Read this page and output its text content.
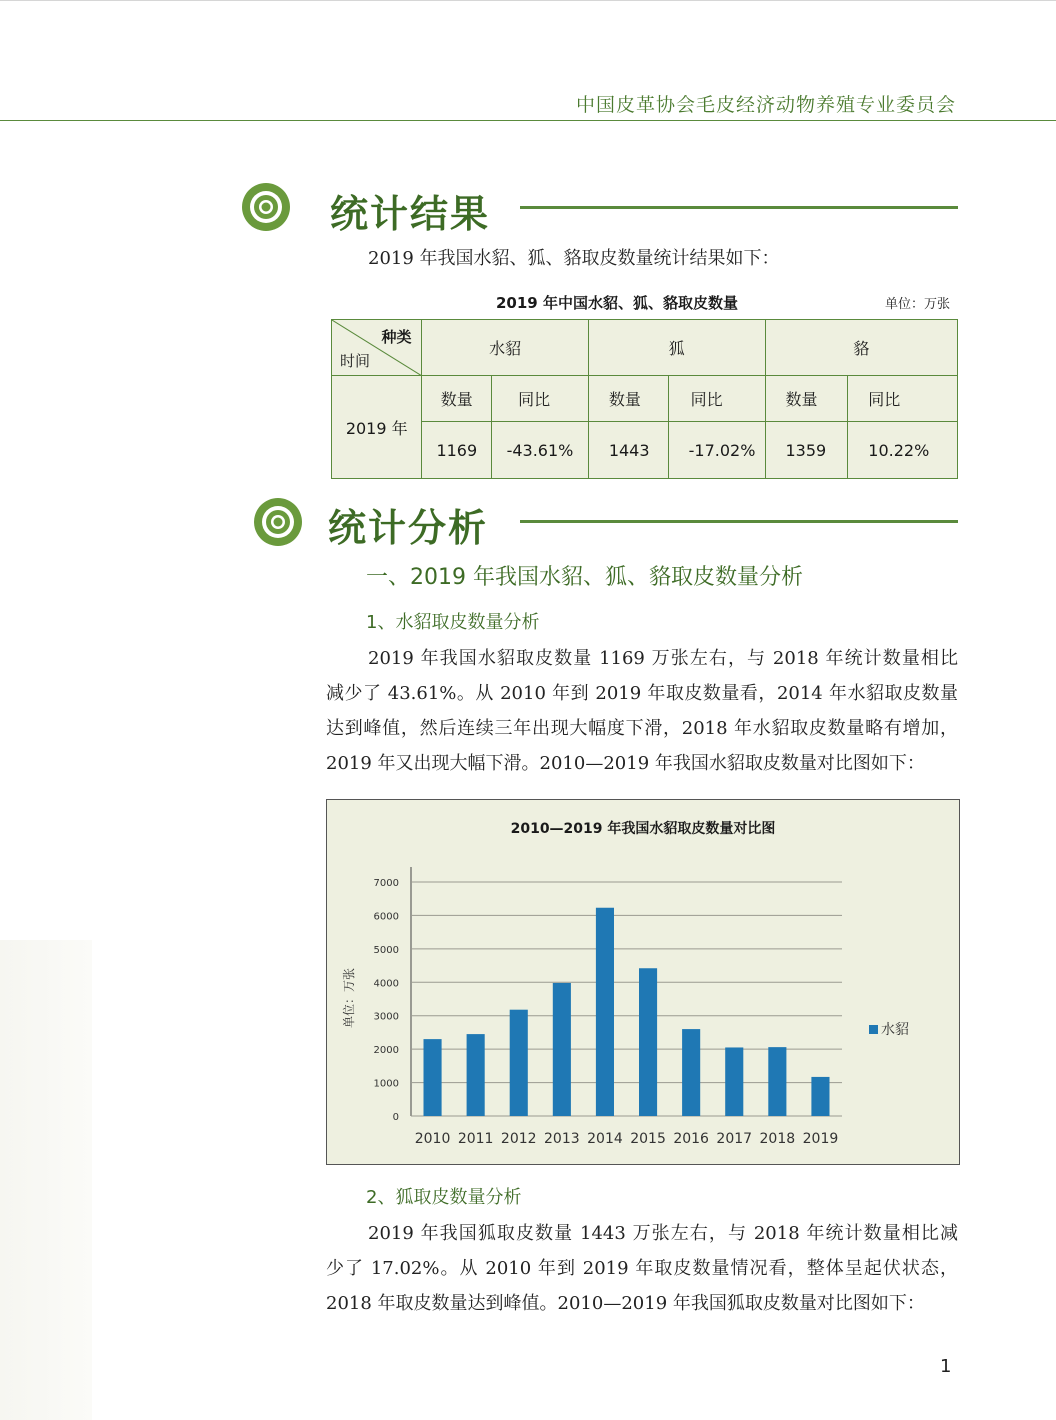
中国皮革协会毛皮经济动物养殖专业委员会
统计结果
2019 年我国水貂、狐、貉取皮数量统计结果如下：
2019 年中国水貂、狐、貉取皮数量	单位：万张
种类
时间	水貂		狐		貉	
2019 年	数量	同比	数量	同比	数量	同比
	1169	-43.61%	1443	-17.02%	1359	10.22%
统计分析
一、2019 年我国水貂、狐、貉取皮数量分析
1、水貂取皮数量分析
2019 年我国水貂取皮数量 1169 万张左右，与 2018 年统计数量相比
减少了 43.61%。从 2010 年到 2019 年取皮数量看，2014 年水貂取皮数量
达到峰值，然后连续三年出现大幅度下滑，2018 年水貂取皮数量略有增加，
2019 年又出现大幅下滑。2010—2019 年我国水貂取皮数量对比图如下：
2010—2019 年我国水貂取皮数量对比图
单位：万张
0
1000
2000
3000
4000
5000
6000
7000
2010 2011 2012 2013 2014 2015 2016 2017 2018 2019
水貂
2、狐取皮数量分析
2019 年我国狐取皮数量 1443 万张左右，与 2018 年统计数量相比减
少了 17.02%。从 2010 年到 2019 年取皮数量情况看，整体呈起伏状态，
2018 年取皮数量达到峰值。2010—2019 年我国狐取皮数量对比图如下：
1
